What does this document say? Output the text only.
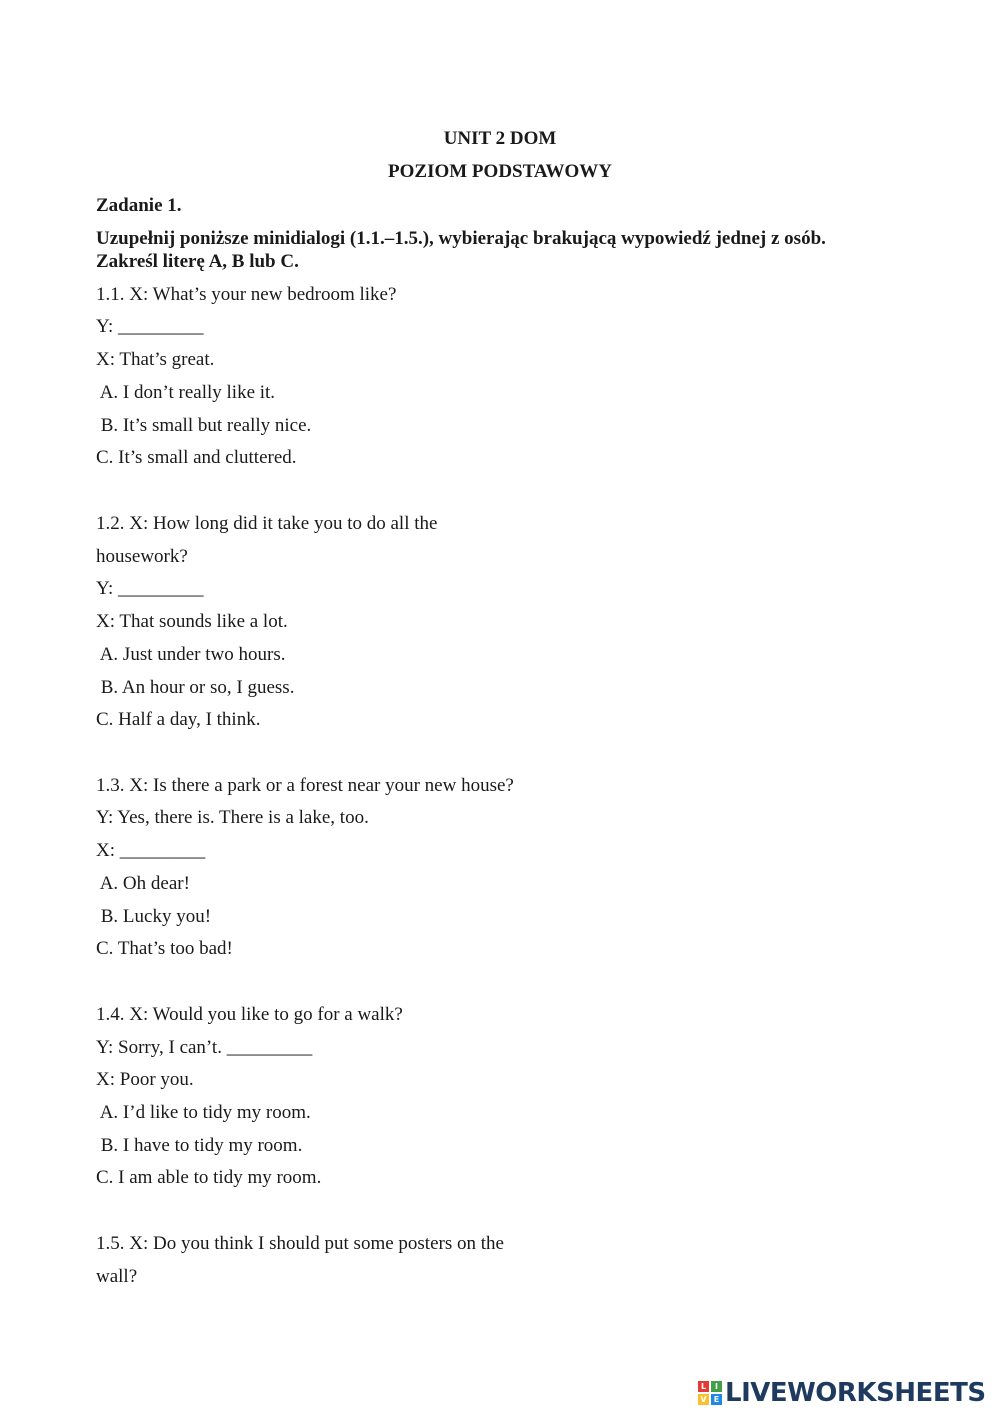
UNIT 2 DOM
POZIOM PODSTAWOWY
Zadanie 1.
Uzupełnij poniższe minidialogi (1.1.–1.5.), wybierając brakującą wypowiedź jednej z osób.
Zakreśl literę A, B lub C.
1.1. X: What’s your new bedroom like?
Y: _________
X: That’s great.
A. I don’t really like it.
B. It’s small but really nice.
C. It’s small and cluttered.
1.2. X: How long did it take you to do all the
housework?
Y: _________
X: That sounds like a lot.
A. Just under two hours.
B. An hour or so, I guess.
C. Half a day, I think.
1.3. X: Is there a park or a forest near your new house?
Y: Yes, there is. There is a lake, too.
X: _________
A. Oh dear!
B. Lucky you!
C. That’s too bad!
1.4. X: Would you like to go for a walk?
Y: Sorry, I can’t. _________
X: Poor you.
A. I’d like to tidy my room.
B. I have to tidy my room.
C. I am able to tidy my room.
1.5. X: Do you think I should put some posters on the
wall?
L	I
V E LIVEWORKSHEETS
